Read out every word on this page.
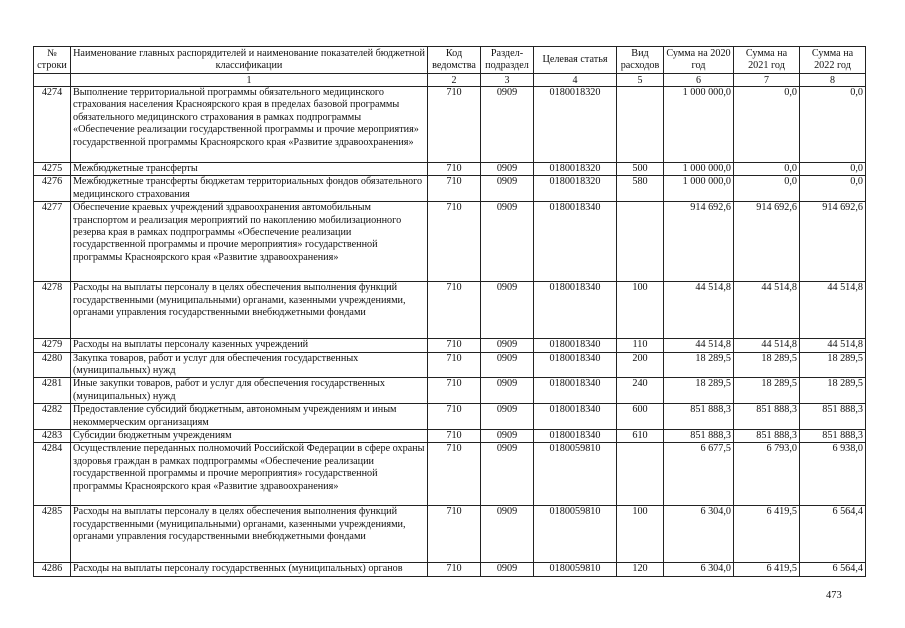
№ строки	Наименование главных распорядителей и наименование показателей бюджетной классификации	Код ведомства	Раздел-подраздел	Целевая статья	Вид расходов	Сумма на 2020 год	Сумма на 2021 год	Сумма на 2022 год
	1	2	3	4	5	6	7	8
4274	Выполнение территориальной программы обязательного медицинского страхования населения Красноярского края в пределах базовой программы обязательного медицинского страхования в рамках подпрограммы «Обеспечение реализации государственной программы и прочие мероприятия» государственной программы Красноярского края «Развитие здравоохранения»	710	0909	0180018320		1 000 000,0	0,0	0,0
4275	Межбюджетные трансферты	710	0909	0180018320	500	1 000 000,0	0,0	0,0
4276	Межбюджетные трансферты бюджетам территориальных фондов обязательного медицинского страхования	710	0909	0180018320	580	1 000 000,0	0,0	0,0
4277	Обеспечение краевых учреждений здравоохранения автомобильным транспортом и реализация мероприятий по накоплению мобилизационного резерва края в рамках подпрограммы «Обеспечение реализации государственной программы и прочие мероприятия» государственной программы Красноярского края «Развитие здравоохранения»	710	0909	0180018340		914 692,6	914 692,6	914 692,6
4278	Расходы на выплаты персоналу в целях обеспечения выполнения функций государственными (муниципальными) органами, казенными учреждениями, органами управления государственными внебюджетными фондами	710	0909	0180018340	100	44 514,8	44 514,8	44 514,8
4279	Расходы на выплаты персоналу казенных учреждений	710	0909	0180018340	110	44 514,8	44 514,8	44 514,8
4280	Закупка товаров, работ и услуг для обеспечения государственных (муниципальных) нужд	710	0909	0180018340	200	18 289,5	18 289,5	18 289,5
4281	Иные закупки товаров, работ и услуг для обеспечения государственных (муниципальных) нужд	710	0909	0180018340	240	18 289,5	18 289,5	18 289,5
4282	Предоставление субсидий бюджетным, автономным учреждениям и иным некоммерческим организациям	710	0909	0180018340	600	851 888,3	851 888,3	851 888,3
4283	Субсидии бюджетным учреждениям	710	0909	0180018340	610	851 888,3	851 888,3	851 888,3
4284	Осуществление переданных полномочий Российской Федерации в сфере охраны здоровья граждан в рамках подпрограммы «Обеспечение реализации государственной программы и прочие мероприятия» государственной программы Красноярского края «Развитие здравоохранения»	710	0909	0180059810		6 677,5	6 793,0	6 938,0
4285	Расходы на выплаты персоналу в целях обеспечения выполнения функций государственными (муниципальными) органами, казенными учреждениями, органами управления государственными внебюджетными фондами	710	0909	0180059810	100	6 304,0	6 419,5	6 564,4
4286	Расходы на выплаты персоналу государственных (муниципальных) органов	710	0909	0180059810	120	6 304,0	6 419,5	6 564,4
473
